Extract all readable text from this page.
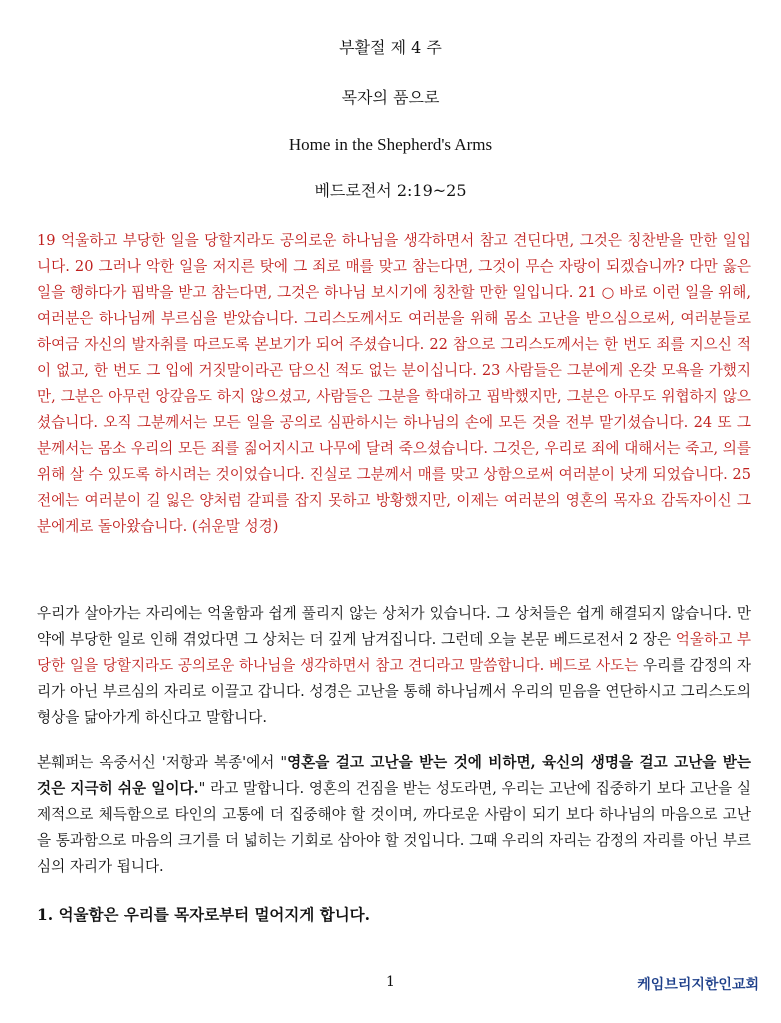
부활절 제 4 주
목자의 품으로
Home in the Shepherd's Arms
베드로전서 2:19~25
19 억울하고 부당한 일을 당할지라도 공의로운 하나님을 생각하면서 참고 견딘다면, 그것은 칭찬받을 만한 일입니다. 20 그러나 악한 일을 저지른 탓에 그 죄로 매를 맞고 참는다면, 그것이 무슨 자랑이 되겠습니까? 다만 옳은 일을 행하다가 핍박을 받고 참는다면, 그것은 하나님 보시기에 칭찬할 만한 일입니다. 21 ○ 바로 이런 일을 위해, 여러분은 하나님께 부르심을 받았습니다. 그리스도께서도 여러분을 위해 몸소 고난을 받으심으로써, 여러분들로 하여금 자신의 발자취를 따르도록 본보기가 되어 주셨습니다. 22 참으로 그리스도께서는 한 번도 죄를 지으신 적이 없고, 한 번도 그 입에 거짓말이라곤 담으신 적도 없는 분이십니다. 23 사람들은 그분에게 온갖 모욕을 가했지만, 그분은 아무런 앙갚음도 하지 않으셨고, 사람들은 그분을 학대하고 핍박했지만, 그분은 아무도 위협하지 않으셨습니다. 오직 그분께서는 모든 일을 공의로 심판하시는 하나님의 손에 모든 것을 전부 맡기셨습니다. 24 또 그분께서는 몸소 우리의 모든 죄를 짊어지시고 나무에 달려 죽으셨습니다. 그것은, 우리로 죄에 대해서는 죽고, 의를 위해 살 수 있도록 하시려는 것이었습니다. 진실로 그분께서 매를 맞고 상함으로써 여러분이 낫게 되었습니다. 25 전에는 여러분이 길 잃은 양처럼 갈피를 잡지 못하고 방황했지만, 이제는 여러분의 영혼의 목자요 감독자이신 그분에게로 돌아왔습니다. (쉬운말 성경)
우리가 살아가는 자리에는 억울함과 쉽게 풀리지 않는 상처가 있습니다. 그 상처들은 쉽게 해결되지 않습니다. 만약에 부당한 일로 인해 겪었다면 그 상처는 더 깊게 남겨집니다. 그런데 오늘 본문 베드로전서 2 장은 억울하고 부당한 일을 당할지라도 공의로운 하나님을 생각하면서 참고 견디라고 말씀합니다. 베드로 사도는 우리를 감정의 자리가 아닌 부르심의 자리로 이끌고 갑니다. 성경은 고난을 통해 하나님께서 우리의 믿음을 연단하시고 그리스도의 형상을 닮아가게 하신다고 말합니다.
본훼퍼는 옥중서신 '저항과 복종'에서 "영혼을 걸고 고난을 받는 것에 비하면, 육신의 생명을 걸고 고난을 받는 것은 지극히 쉬운 일이다." 라고 말합니다. 영혼의 건짐을 받는 성도라면, 우리는 고난에 집중하기 보다 고난을 실제적으로 체득함으로 타인의 고통에 더 집중해야 할 것이며, 까다로운 사람이 되기 보다 하나님의 마음으로 고난을 통과함으로 마음의 크기를 더 넓히는 기회로 삼아야 할 것입니다. 그때 우리의 자리는 감정의 자리를 아닌 부르심의 자리가 됩니다.
1. 억울함은 우리를 목자로부터 멀어지게 합니다.
1	케임브리지한인교회
